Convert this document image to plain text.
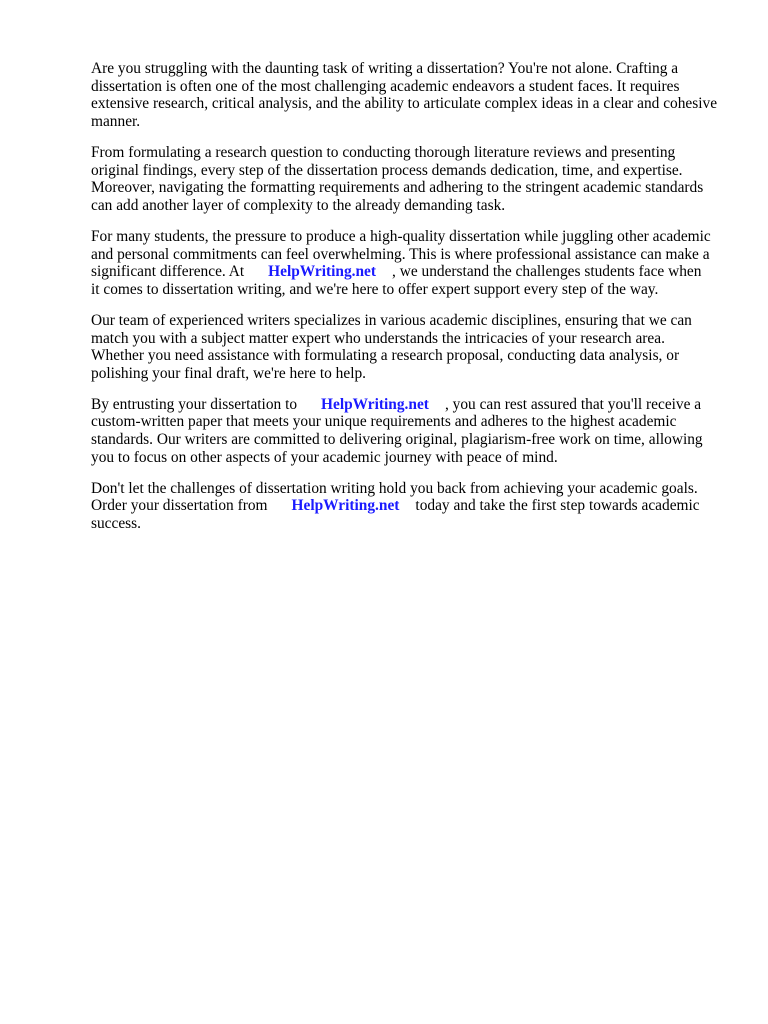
Are you struggling with the daunting task of writing a dissertation? You're not alone. Crafting a
dissertation is often one of the most challenging academic endeavors a student faces. It requires
extensive research, critical analysis, and the ability to articulate complex ideas in a clear and cohesive
manner.
From formulating a research question to conducting thorough literature reviews and presenting
original findings, every step of the dissertation process demands dedication, time, and expertise.
Moreover, navigating the formatting requirements and adhering to the stringent academic standards
can add another layer of complexity to the already demanding task.
For many students, the pressure to produce a high-quality dissertation while juggling other academic
and personal commitments can feel overwhelming. This is where professional assistance can make a
significant difference. At HelpWriting.net , we understand the challenges students face when
it comes to dissertation writing, and we're here to offer expert support every step of the way.
Our team of experienced writers specializes in various academic disciplines, ensuring that we can
match you with a subject matter expert who understands the intricacies of your research area.
Whether you need assistance with formulating a research proposal, conducting data analysis, or
polishing your final draft, we're here to help.
By entrusting your dissertation to HelpWriting.net , you can rest assured that you'll receive a
custom-written paper that meets your unique requirements and adheres to the highest academic
standards. Our writers are committed to delivering original, plagiarism-free work on time, allowing
you to focus on other aspects of your academic journey with peace of mind.
Don't let the challenges of dissertation writing hold you back from achieving your academic goals.
Order your dissertation from HelpWriting.net today and take the first step towards academic
success.
